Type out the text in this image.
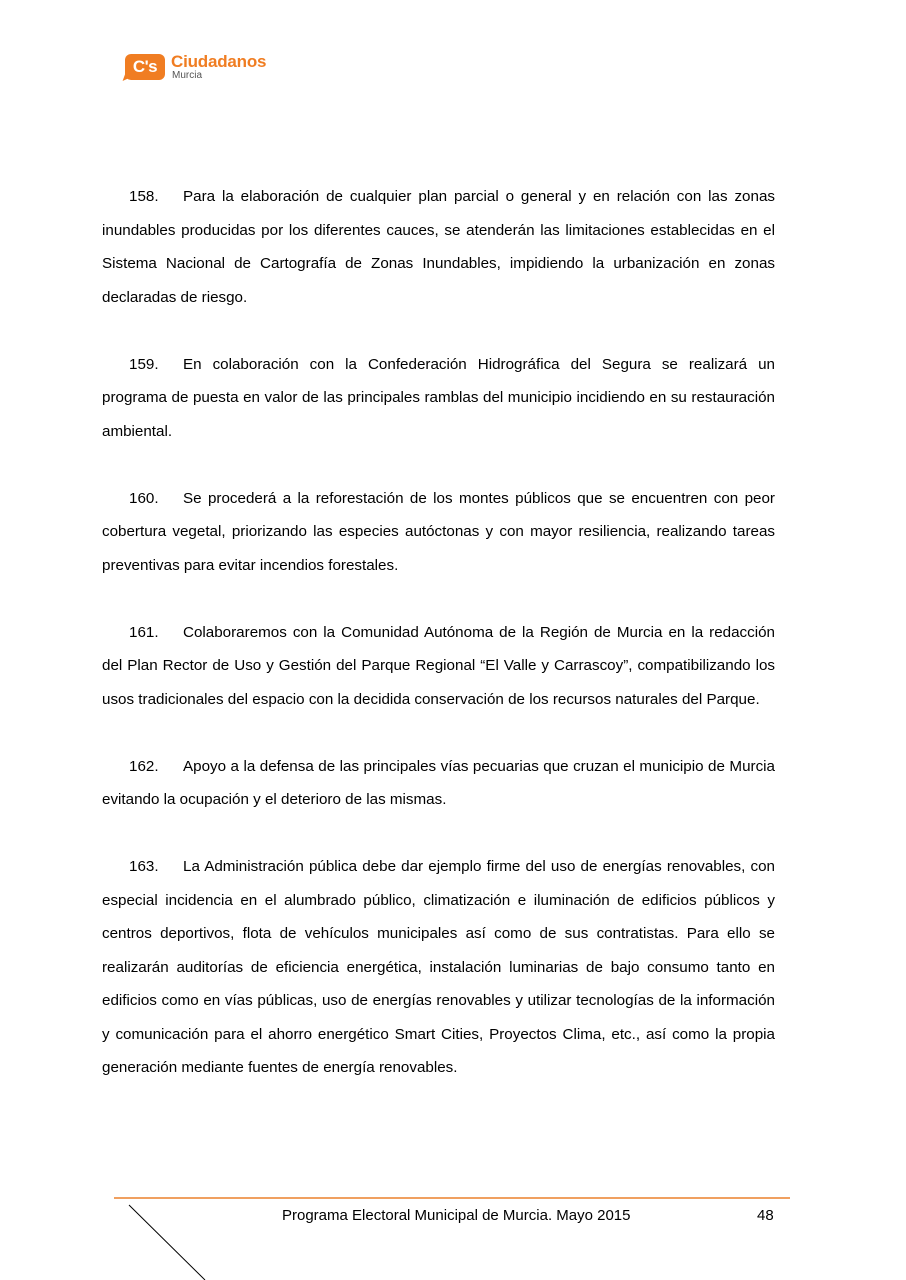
C's Ciudadanos
Murcia

158. Para la elaboración de cualquier plan parcial o general y en relación con las zonas inundables producidas por los diferentes cauces, se atenderán las limitaciones establecidas en el Sistema Nacional de Cartografía de Zonas Inundables, impidiendo la urbanización en zonas declaradas de riesgo.

159. En colaboración con la Confederación Hidrográfica del Segura se realizará un programa de puesta en valor de las principales ramblas del municipio incidiendo en su restauración ambiental.

160. Se procederá a la reforestación de los montes públicos que se encuentren con peor cobertura vegetal, priorizando las especies autóctonas y con mayor resiliencia, realizando tareas preventivas para evitar incendios forestales.

161. Colaboraremos con la Comunidad Autónoma de la Región de Murcia en la redacción del Plan Rector de Uso y Gestión del Parque Regional “El Valle y Carrascoy”, compatibilizando los usos tradicionales del espacio con la decidida conservación de los recursos naturales del Parque.

162. Apoyo a la defensa de las principales vías pecuarias que cruzan el municipio de Murcia evitando la ocupación y el deterioro de las mismas.

163. La Administración pública debe dar ejemplo firme del uso de energías renovables, con especial incidencia en el alumbrado público, climatización e iluminación de edificios públicos y centros deportivos, flota de vehículos municipales así como de sus contratistas. Para ello se realizarán auditorías de eficiencia energética, instalación luminarias de bajo consumo tanto en edificios como en vías públicas, uso de energías renovables y utilizar tecnologías de la información y comunicación para el ahorro energético Smart Cities, Proyectos Clima, etc., así como la propia generación mediante fuentes de energía renovables.

Programa Electoral Municipal de Murcia. Mayo 2015	48
